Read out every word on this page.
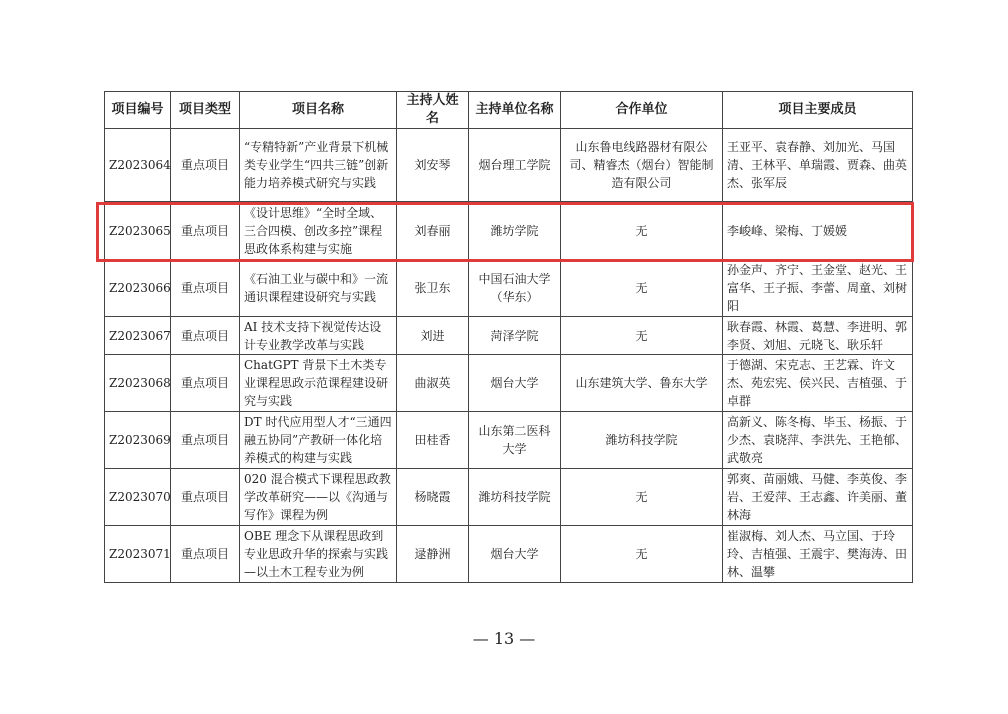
项目编号	项目类型	项目名称	主持人姓名	主持单位名称	合作单位	项目主要成员
Z2023064	重点项目	“专精特新”产业背景下机械类专业学生“四共三链”创新能力培养模式研究与实践	刘安琴	烟台理工学院	山东鲁电线路器材有限公司、精睿杰（烟台）智能制造有限公司	王亚平、袁春静、刘加光、马国清、王林平、单瑞霞、贾森、曲英杰、张军辰
Z2023065	重点项目	《设计思维》“全时全域、三合四模、创改多控”课程思政体系构建与实施	刘春丽	潍坊学院	无	李峻峰、梁梅、丁媛媛
Z2023066	重点项目	《石油工业与碳中和》一流通识课程建设研究与实践	张卫东	中国石油大学（华东）	无	孙金声、齐宁、王金堂、赵光、王富华、王子振、李蕾、周童、刘树阳
Z2023067	重点项目	AI 技术支持下视觉传达设计专业教学改革与实践	刘进	菏泽学院	无	耿春霞、林霞、葛慧、李进明、郭李贤、刘旭、元晓飞、耿乐轩
Z2023068	重点项目	ChatGPT 背景下土木类专业课程思政示范课程建设研究与实践	曲淑英	烟台大学	山东建筑大学、鲁东大学	于德湖、宋克志、王艺霖、许文杰、苑宏宪、侯兴民、吉植强、于卓群
Z2023069	重点项目	DT 时代应用型人才“三通四融五协同”产教研一体化培养模式的构建与实践	田桂香	山东第二医科大学	潍坊科技学院	高新义、陈冬梅、毕玉、杨振、于少杰、袁晓萍、李洪先、王艳郁、武敬亮
Z2023070	重点项目	020 混合模式下课程思政教学改革研究——以《沟通与写作》课程为例	杨晓霞	潍坊科技学院	无	郭爽、苗丽娥、马健、李英俊、李岩、王爱萍、王志鑫、许美丽、董林海
Z2023071	重点项目	OBE 理念下从课程思政到专业思政升华的探索与实践—以土木工程专业为例	逯静洲	烟台大学	无	崔淑梅、刘人杰、马立国、于玲玲、吉植强、王震宇、樊海涛、田林、温攀
— 13 —
